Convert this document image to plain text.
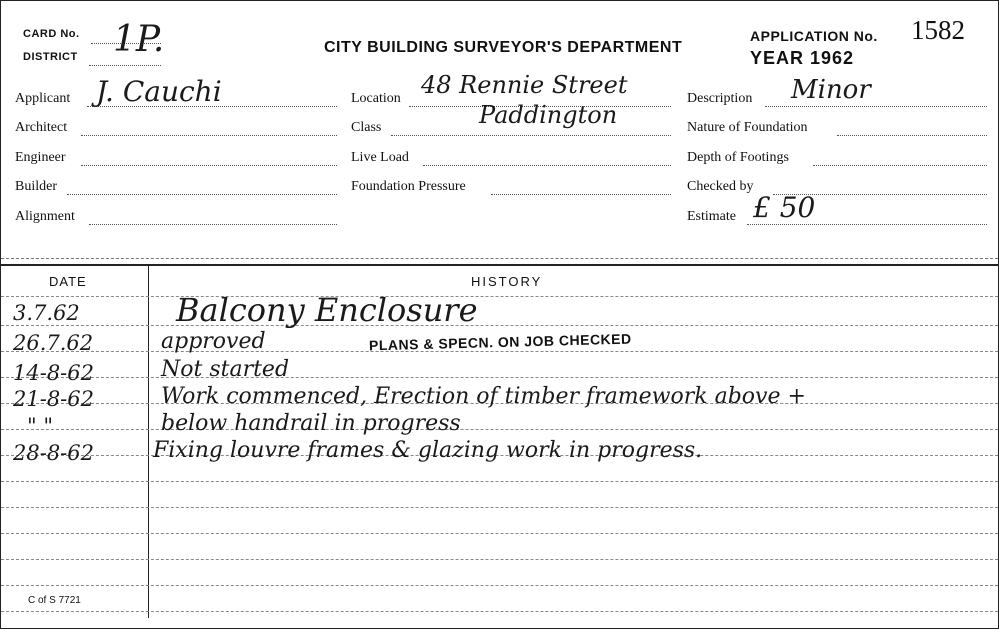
CARD No.
DISTRICT 1P.	CITY BUILDING SURVEYOR'S DEPARTMENT
APPLICATION No. 1582
YEAR 1962
Applicant J. Cauchi
Architect
Engineer
Builder
Alignment
Location 48 Rennie Street
Paddington
Class
Live Load
Foundation Pressure
Description Minor
Nature of Foundation
Depth of Footings
Checked by
Estimate £ 50
DATE	HISTORY
3.7.62	Balcony Enclosure
26.7.62	approved	PLANS & SPECN. ON JOB CHECKED
14-8-62	Not started
21-8-62	Work commenced, Erection of timber framework above +
" "	below handrail in progress
28-8-62	Fixing louvre frames & glazing work in progress.
C of S 7721
